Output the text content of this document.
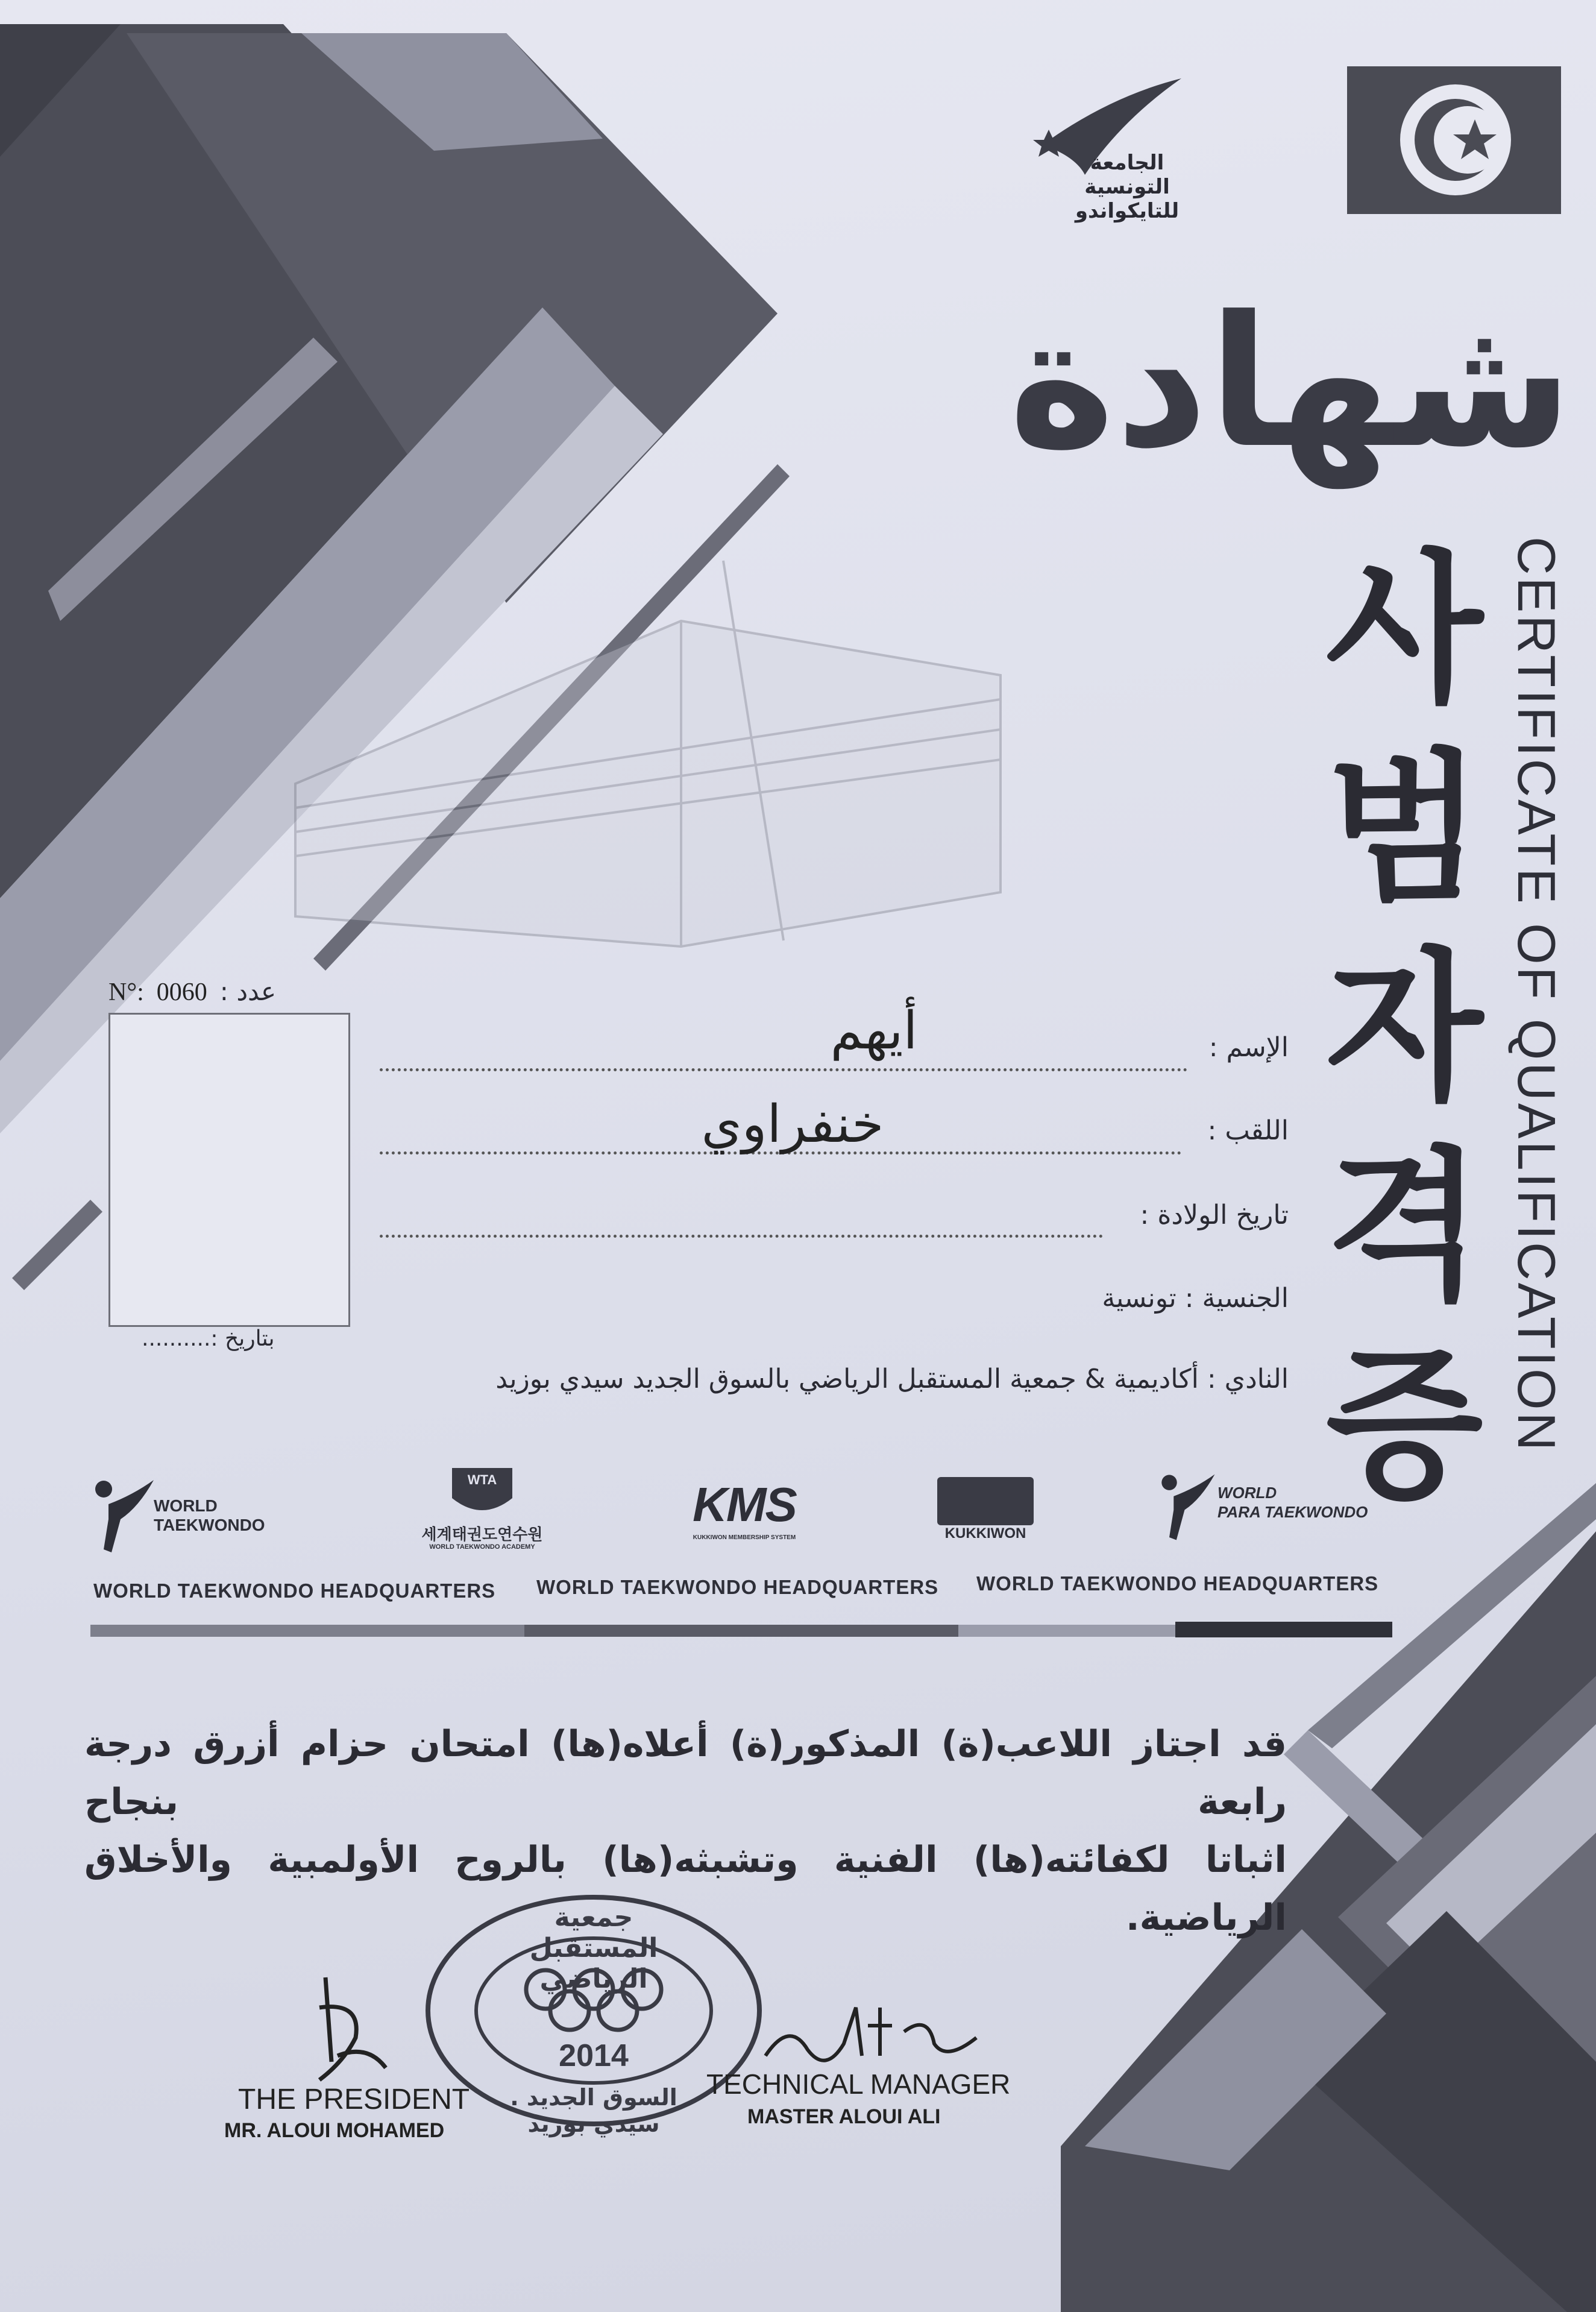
الجامعة
التونسية
للتايكواندو
شهادة
사
범
자
격
증 CERTIFICATE OF QUALIFICATION
N°: 0060 : عدد
بتاريخ :..........
الإسم :
أيهم
اللقب :
خنفراوي
تاريخ الولادة :
الجنسية : تونسية
النادي : أكاديمية & جمعية المستقبل الرياضي بالسوق الجديد سيدي بوزيد
WORLD
TAEKWONDO
WTA
세계태권도연수원
WORLD TAEKWONDO ACADEMY
KMS
KUKKIWON MEMBERSHIP SYSTEM	KUKKIWON
WORLD
PARA TAEKWONDO
WORLD TAEKWONDO HEADQUARTERS WORLD TAEKWONDO HEADQUARTERS WORLD TAEKWONDO HEADQUARTERS
قد اجتاز اللاعب(ة) المذكور(ة) أعلاه(ها) امتحان حزام أزرق درجة رابعة بنجاح
اثباتا لكفائته(ها) الفنية وتشبثه(ها) بالروح الأولمبية والأخلاق الرياضية.
جمعية المستقبل الرياضي
2014
السوق الجديد . سيدي بوزيد
THE PRESIDENT
MR. ALOUI MOHAMED
TECHNICAL MANAGER
MASTER ALOUI ALI
